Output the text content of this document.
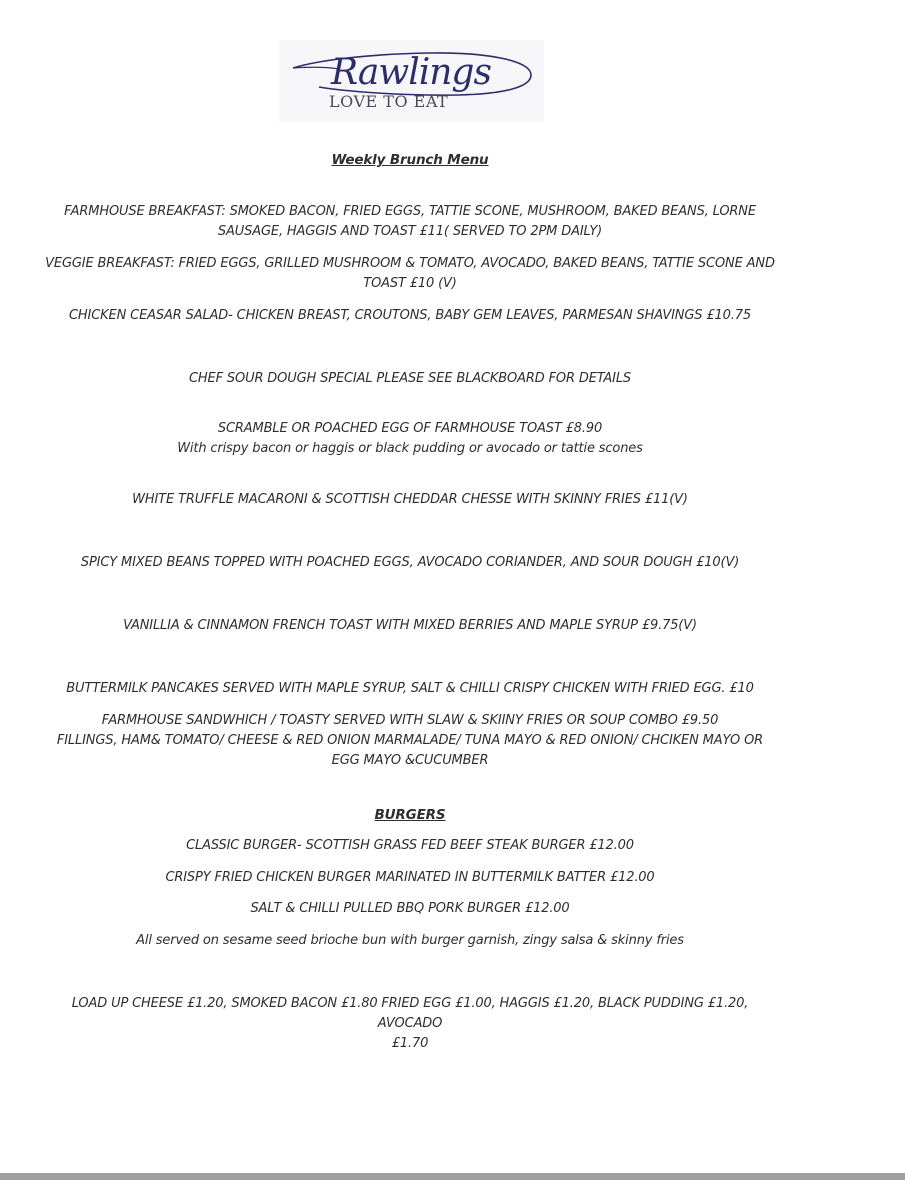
Rawlings
LOVE TO EAT
Weekly Brunch Menu
FARMHOUSE BREAKFAST: SMOKED BACON, FRIED EGGS, TATTIE SCONE, MUSHROOM, BAKED BEANS, LORNE
SAUSAGE, HAGGIS AND TOAST £11( SERVED TO 2PM DAILY)
VEGGIE BREAKFAST: FRIED EGGS, GRILLED MUSHROOM & TOMATO, AVOCADO, BAKED BEANS, TATTIE SCONE AND
TOAST £10 (V)
CHICKEN CEASAR SALAD- CHICKEN BREAST, CROUTONS, BABY GEM LEAVES, PARMESAN SHAVINGS £10.75
CHEF SOUR DOUGH SPECIAL PLEASE SEE BLACKBOARD FOR DETAILS
SCRAMBLE OR POACHED EGG OF FARMHOUSE TOAST £8.90
With crispy bacon or haggis or black pudding or avocado or tattie scones
WHITE TRUFFLE MACARONI & SCOTTISH CHEDDAR CHESSE WITH SKINNY FRIES £11(V)
SPICY MIXED BEANS TOPPED WITH POACHED EGGS, AVOCADO CORIANDER, AND SOUR DOUGH £10(V)
VANILLIA & CINNAMON FRENCH TOAST WITH MIXED BERRIES AND MAPLE SYRUP £9.75(V)
BUTTERMILK PANCAKES SERVED WITH MAPLE SYRUP, SALT & CHILLI CRISPY CHICKEN WITH FRIED EGG. £10
FARMHOUSE SANDWHICH / TOASTY SERVED WITH SLAW & SKIINY FRIES OR SOUP COMBO £9.50
FILLINGS, HAM& TOMATO/ CHEESE & RED ONION MARMALADE/ TUNA MAYO & RED ONION/ CHCIKEN MAYO OR
EGG MAYO &CUCUMBER
BURGERS
CLASSIC BURGER- SCOTTISH GRASS FED BEEF STEAK BURGER £12.00
CRISPY FRIED CHICKEN BURGER MARINATED IN BUTTERMILK BATTER £12.00
SALT & CHILLI PULLED BBQ PORK BURGER £12.00
All served on sesame seed brioche bun with burger garnish, zingy salsa & skinny fries
LOAD UP CHEESE £1.20, SMOKED BACON £1.80 FRIED EGG £1.00, HAGGIS £1.20, BLACK PUDDING £1.20, AVOCADO
£1.70
